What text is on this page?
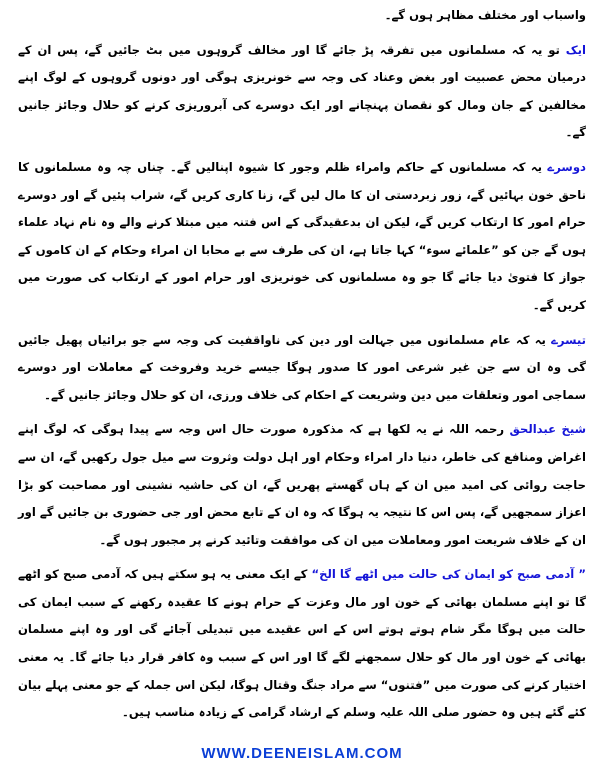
واسباب اور مختلف مظاہر ہوں گے۔

ایک تو یہ کہ مسلمانوں میں تفرقہ پڑ جائے گا اور مخالف گروہوں میں بٹ جائیں گے، پس ان کے درمیان محض عصبیت اور بغض وعناد کی وجہ سے خونریزی ہوگی اور دونوں گروہوں کے لوگ اپنے مخالفین کے جان ومال کو نقصان پہنچانے اور ایک دوسرے کی آبروریزی کرنے کو حلال وجائز جانیں گے۔

دوسرے یہ کہ مسلمانوں کے حاکم وامراء ظلم وجور کا شیوہ اپنالیں گے۔ چناں چہ وہ مسلمانوں کا ناحق خون بہائیں گے، زور زبردستی ان کا مال لیں گے، زنا کاری کریں گے، شراب پئیں گے اور دوسرے حرام امور کا ارتکاب کریں گے، لیکن ان بدعقیدگی کے اس فتنہ میں مبتلا کرنے والے وہ نام نہاد علماء ہوں گے جن کو ”علمائے سوء“ کہا جاتا ہے، ان کی طرف سے بے محابا ان امراء وحکام کے ان کاموں کے جواز کا فتویٰ دیا جائے گا جو وہ مسلمانوں کی خونریزی اور حرام امور کے ارتکاب کی صورت میں کریں گے۔

تیسرے یہ کہ عام مسلمانوں میں جہالت اور دین کی ناواقفیت کی وجہ سے جو برائیاں پھیل جائیں گی وہ ان سے جن غیر شرعی امور کا صدور ہوگا جیسے خرید وفروخت کے معاملات اور دوسرے سماجی امور وتعلقات میں دین وشریعت کے احکام کی خلاف ورزی، ان کو حلال وجائز جانیں گے۔

شیخ عبدالحق رحمہ اللہ نے یہ لکھا ہے کہ مذکورہ صورت حال اس وجہ سے پیدا ہوگی کہ لوگ اپنے اغراض ومنافع کی خاطر، دنیا دار امراء وحکام اور اہل دولت وثروت سے میل جول رکھیں گے، ان سے حاجت روائی کی امید میں ان کے ہاں گھستے پھریں گے، ان کی حاشیہ نشینی اور مصاحبت کو بڑا اعزاز سمجھیں گے، پس اس کا نتیجہ یہ ہوگا کہ وہ ان کے تابع محض اور جی حضوری بن جائیں گے اور ان کے خلاف شریعت امور ومعاملات میں ان کی موافقت وتائید کرنے پر مجبور ہوں گے۔

” آدمی صبح کو ایمان کی حالت میں اٹھے گا الخ“ کے ایک معنی یہ ہو سکتے ہیں کہ آدمی صبح کو اٹھے گا تو اپنے مسلمان بھائی کے خون اور مال وعزت کے حرام ہونے کا عقیدہ رکھنے کے سبب ایمان کی حالت میں ہوگا مگر شام ہوتے ہوتے اس کے اس عقیدے میں تبدیلی آجائے گی اور وہ اپنے مسلمان بھائی کے خون اور مال کو حلال سمجھنے لگے گا اور اس کے سبب وہ کافر قرار دیا جائے گا۔ یہ معنی اختیار کرنے کی صورت میں ”فتنوں“ سے مراد جنگ وقتال ہوگا، لیکن اس جملہ کے جو معنی پہلے بیان کئے گئے ہیں وہ حضور صلی اللہ علیہ وسلم کے ارشاد گرامی کے زیادہ مناسب ہیں۔

WWW.DEENEISLAM.COM
